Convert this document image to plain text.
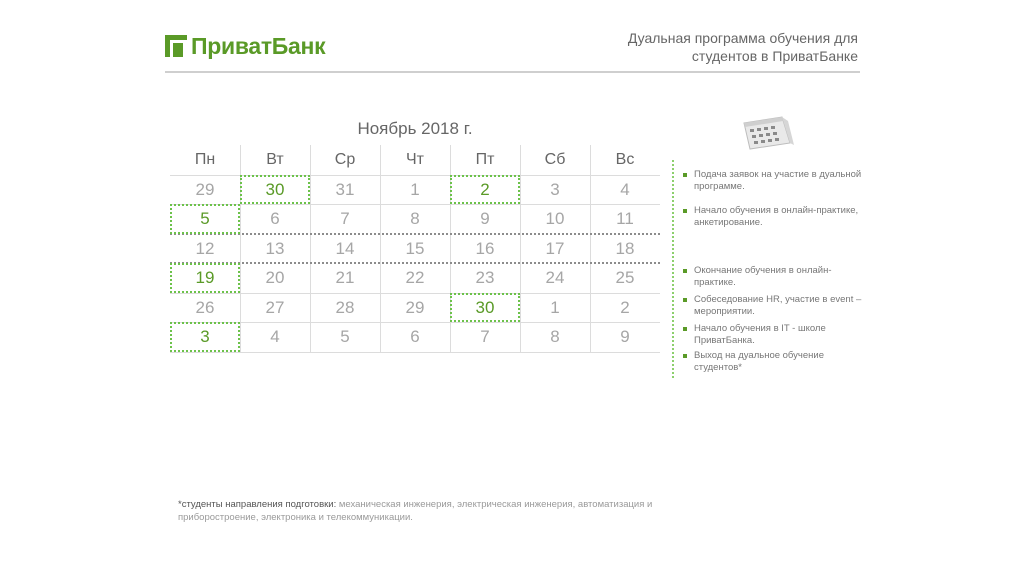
ПриватБанк	Дуальная программа обучения для
студентов в ПриватБанке
Ноябрь 2018 г.
Пн	Вт	Ср	Чт	Пт	Сб	Вс
29	30	31	1	2	3	4
5	6	7	8	9	10	11
12	13	14	15	16	17	18
19	20	21	22	23	24	25
26	27	28	29	30	1	2
3	4	5	6	7	8	9
Подача заявок на участие в дуальной программе.
Начало обучения в онлайн-практике, анкетирование.
Окончание обучения в онлайн-практике.
Собеседование HR, участие в event – мероприятии.
Начало обучения в IT - школе ПриватБанка.
Выход на дуальное обучение студентов*
*студенты направления подготовки: механическая инженерия, электрическая инженерия, автоматизация и приборостроение, электроника и телекоммуникации.
